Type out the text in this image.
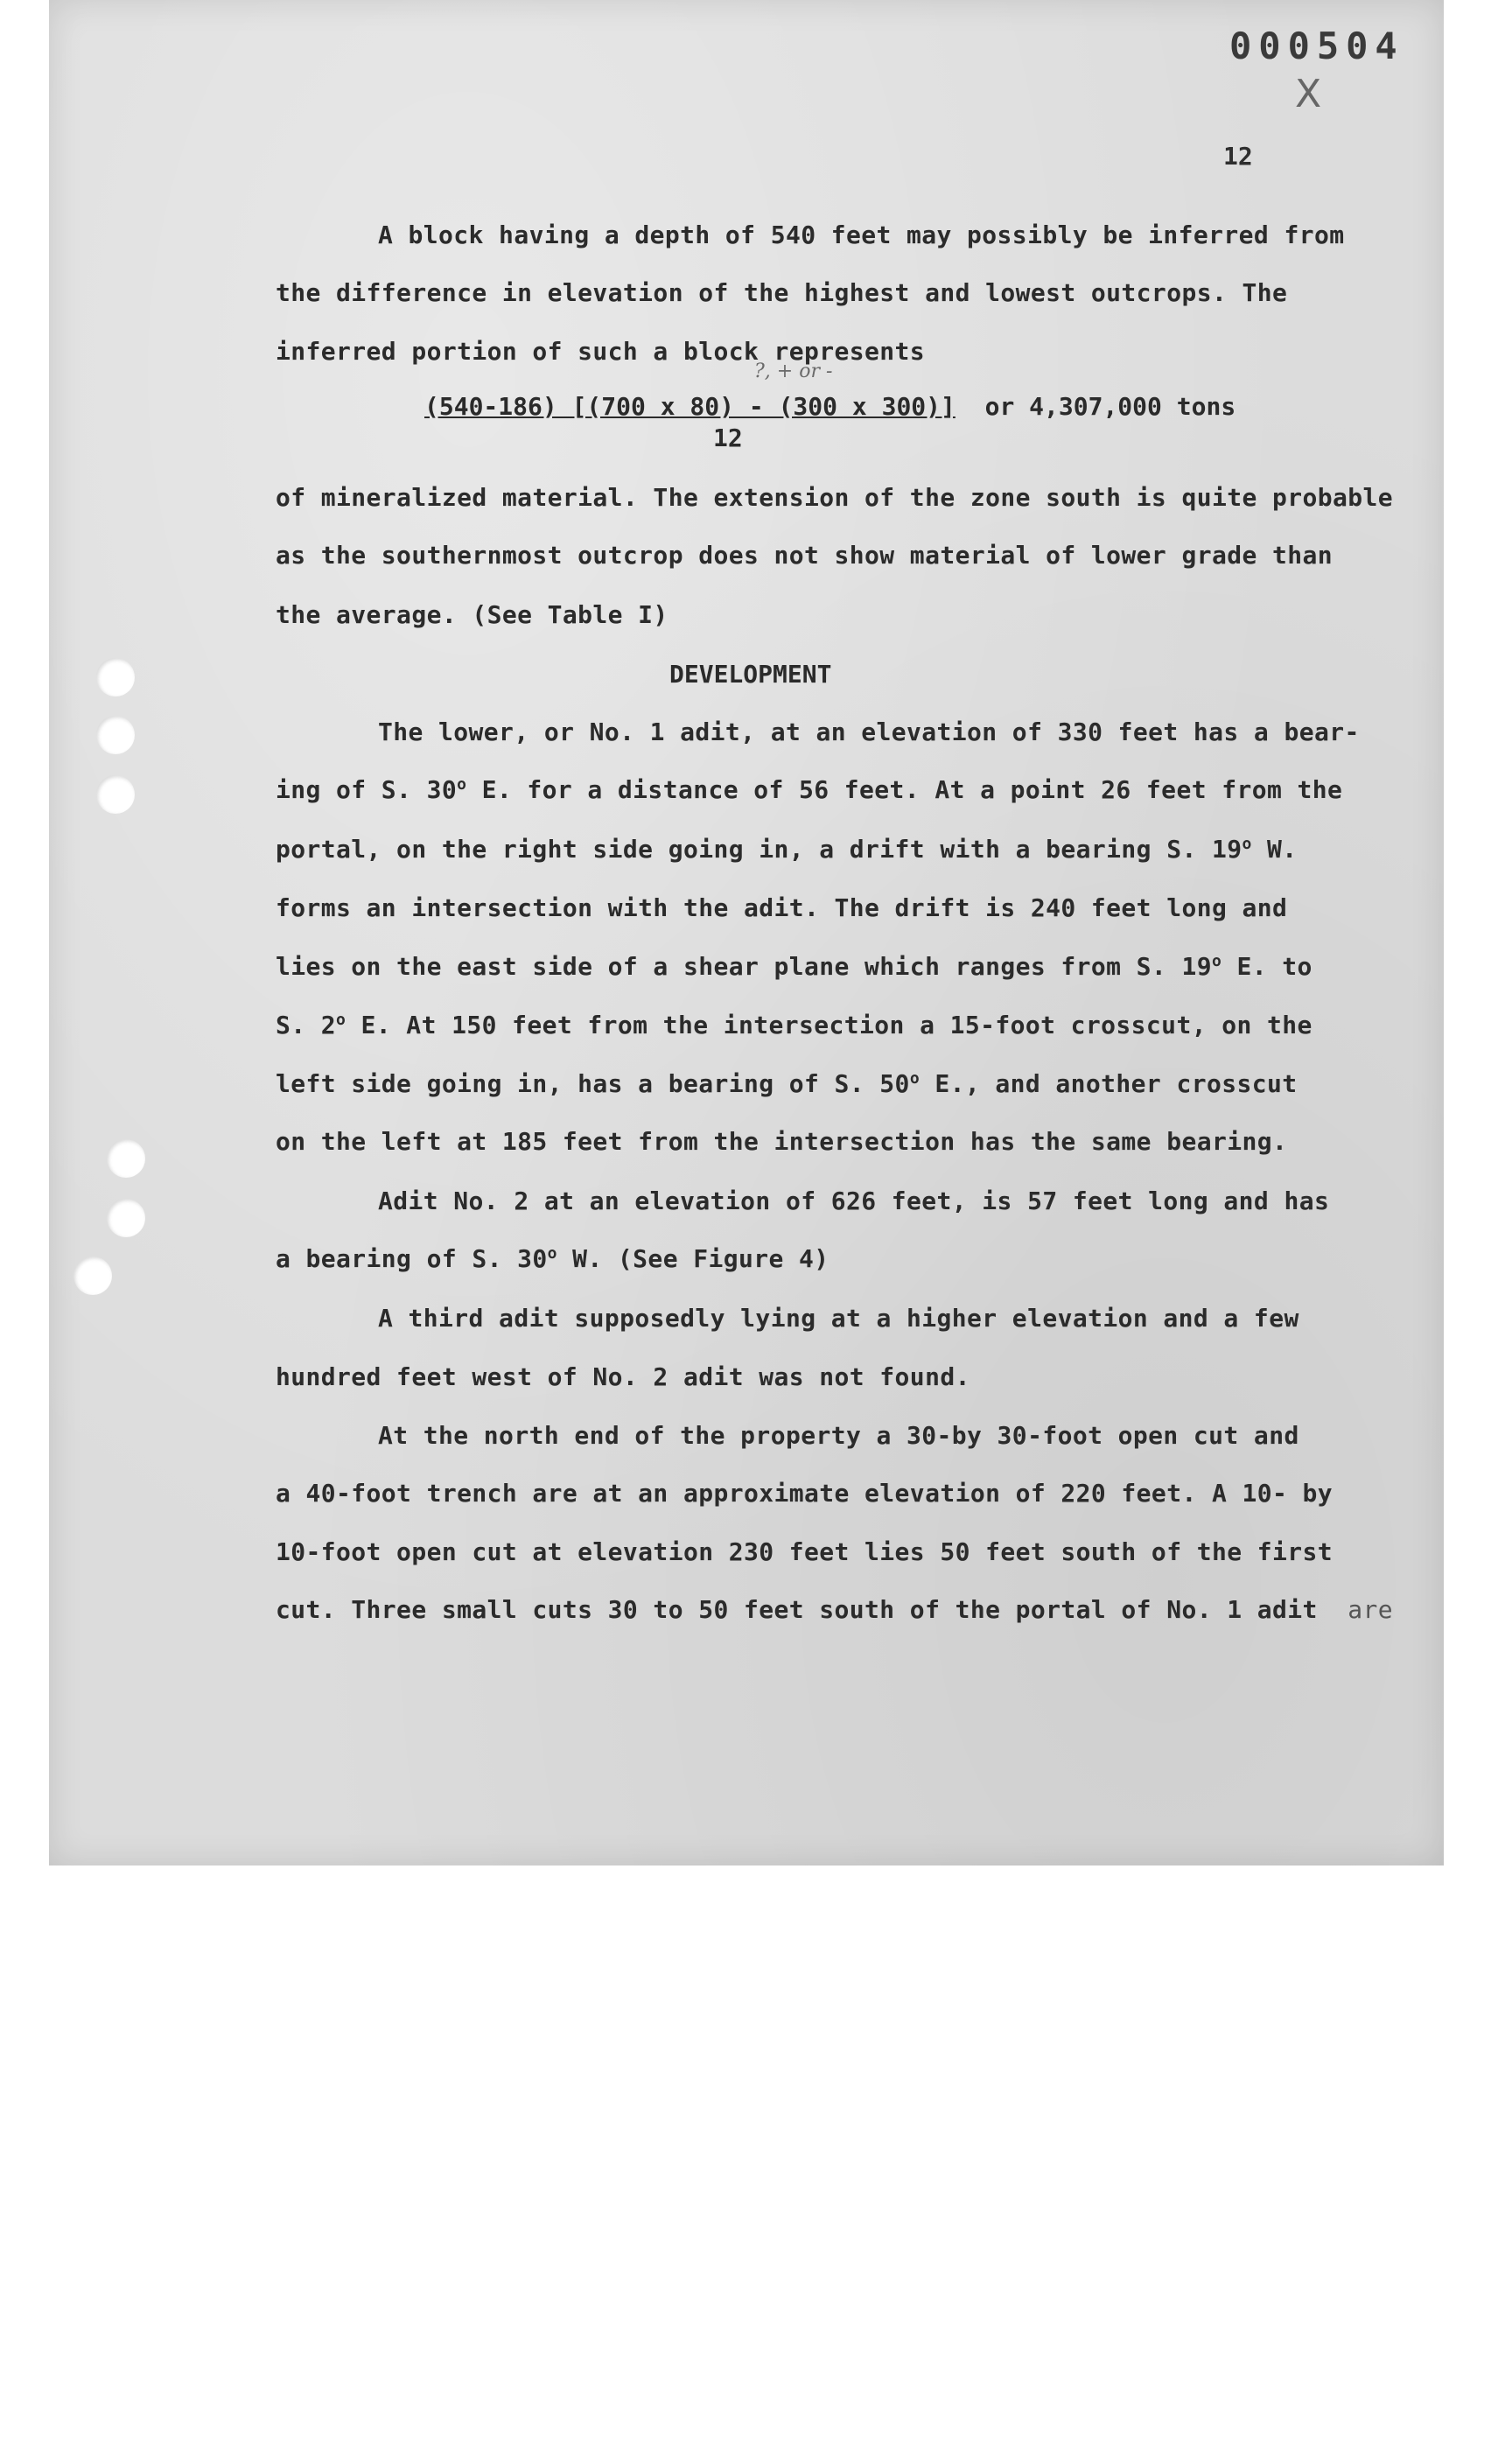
000504
X
12
A block having a depth of 540 feet may possibly be inferred from
the difference in elevation of the highest and lowest outcrops. The
inferred portion of such a block represents
?, + or -
(540-186) [(700 x 80) - (300 x 300)] or 4,307,000 tons
12
of mineralized material. The extension of the zone south is quite probable
as the southernmost outcrop does not show material of lower grade than
the average. (See Table I)
DEVELOPMENT
The lower, or No. 1 adit, at an elevation of 330 feet has a bear-
ing of S. 30$^o$ E. for a distance of 56 feet. At a point 26 feet from the
portal, on the right side going in, a drift with a bearing S. 19$^o$ W.
forms an intersection with the adit. The drift is 240 feet long and
lies on the east side of a shear plane which ranges from S. 19$^o$ E. to
S. 2$^o$ E. At 150 feet from the intersection a 15-foot crosscut, on the
left side going in, has a bearing of S. 50$^o$ E., and another crosscut
on the left at 185 feet from the intersection has the same bearing.
Adit No. 2 at an elevation of 626 feet, is 57 feet long and has
a bearing of S. 30$^o$ W. (See Figure 4)
A third adit supposedly lying at a higher elevation and a few
hundred feet west of No. 2 adit was not found.
At the north end of the property a 30-by 30-foot open cut and
a 40-foot trench are at an approximate elevation of 220 feet. A 10- by
10-foot open cut at elevation 230 feet lies 50 feet south of the first
cut. Three small cuts 30 to 50 feet south of the portal of No. 1 adit are
